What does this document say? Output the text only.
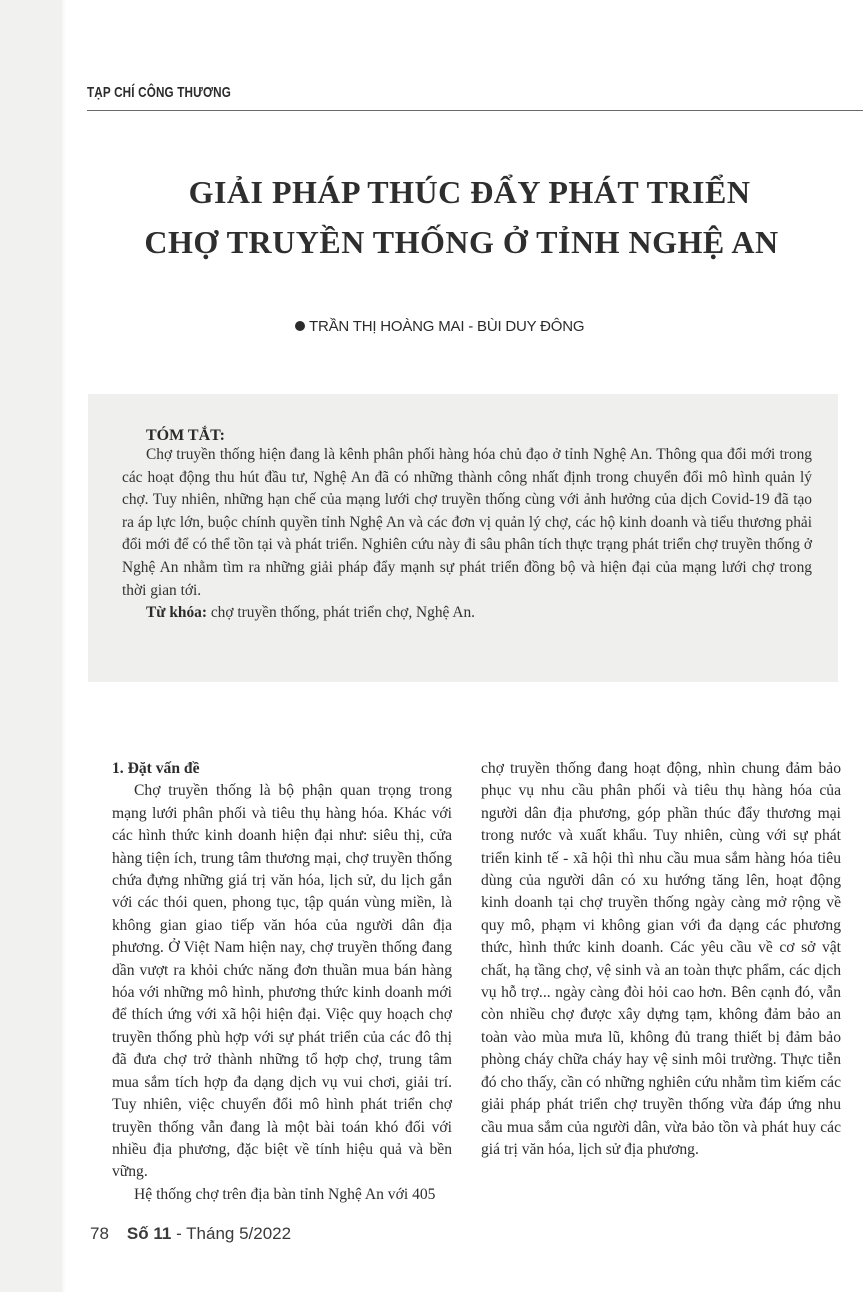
TẠP CHÍ CÔNG THƯƠNG
GIẢI PHÁP THÚC ĐẨY PHÁT TRIỂN
CHỢ TRUYỀN THỐNG Ở TỈNH NGHỆ AN
TRẦN THỊ HOÀNG MAI - BÙI DUY ĐÔNG
TÓM TẮT:

Chợ truyền thống hiện đang là kênh phân phối hàng hóa chủ đạo ở tỉnh Nghệ An. Thông qua đổi mới trong các hoạt động thu hút đầu tư, Nghệ An đã có những thành công nhất định trong chuyển đổi mô hình quản lý chợ. Tuy nhiên, những hạn chế của mạng lưới chợ truyền thống cùng với ảnh hưởng của dịch Covid-19 đã tạo ra áp lực lớn, buộc chính quyền tỉnh Nghệ An và các đơn vị quản lý chợ, các hộ kinh doanh và tiểu thương phải đổi mới để có thể tồn tại và phát triển. Nghiên cứu này đi sâu phân tích thực trạng phát triển chợ truyền thống ở Nghệ An nhằm tìm ra những giải pháp đẩy mạnh sự phát triển đồng bộ và hiện đại của mạng lưới chợ trong thời gian tới.

Từ khóa: chợ truyền thống, phát triển chợ, Nghệ An.

1. Đặt vấn đề

Chợ truyền thống là bộ phận quan trọng trong mạng lưới phân phối và tiêu thụ hàng hóa. Khác với các hình thức kinh doanh hiện đại như: siêu thị, cửa hàng tiện ích, trung tâm thương mại, chợ truyền thống chứa đựng những giá trị văn hóa, lịch sử, du lịch gắn với các thói quen, phong tục, tập quán vùng miền, là không gian giao tiếp văn hóa của người dân địa phương. Ở Việt Nam hiện nay, chợ truyền thống đang dần vượt ra khỏi chức năng đơn thuần mua bán hàng hóa với những mô hình, phương thức kinh doanh mới để thích ứng với xã hội hiện đại. Việc quy hoạch chợ truyền thống phù hợp với sự phát triển của các đô thị đã đưa chợ trở thành những tổ hợp chợ, trung tâm mua sắm tích hợp đa dạng dịch vụ vui chơi, giải trí. Tuy nhiên, việc chuyển đổi mô hình phát triển chợ truyền thống vẫn đang là một bài toán khó đối với nhiều địa phương, đặc biệt về tính hiệu quả và bền vững.

Hệ thống chợ trên địa bàn tỉnh Nghệ An với 405

chợ truyền thống đang hoạt động, nhìn chung đảm bảo phục vụ nhu cầu phân phối và tiêu thụ hàng hóa của người dân địa phương, góp phần thúc đẩy thương mại trong nước và xuất khẩu. Tuy nhiên, cùng với sự phát triển kinh tế - xã hội thì nhu cầu mua sắm hàng hóa tiêu dùng của người dân có xu hướng tăng lên, hoạt động kinh doanh tại chợ truyền thống ngày càng mở rộng về quy mô, phạm vi không gian với đa dạng các phương thức, hình thức kinh doanh. Các yêu cầu về cơ sở vật chất, hạ tầng chợ, vệ sinh và an toàn thực phẩm, các dịch vụ hỗ trợ... ngày càng đòi hỏi cao hơn. Bên cạnh đó, vẫn còn nhiều chợ được xây dựng tạm, không đảm bảo an toàn vào mùa mưa lũ, không đủ trang thiết bị đảm bảo phòng cháy chữa cháy hay vệ sinh môi trường. Thực tiễn đó cho thấy, cần có những nghiên cứu nhằm tìm kiếm các giải pháp phát triển chợ truyền thống vừa đáp ứng nhu cầu mua sắm của người dân, vừa bảo tồn và phát huy các giá trị văn hóa, lịch sử địa phương.

78 Số 11 - Tháng 5/2022
